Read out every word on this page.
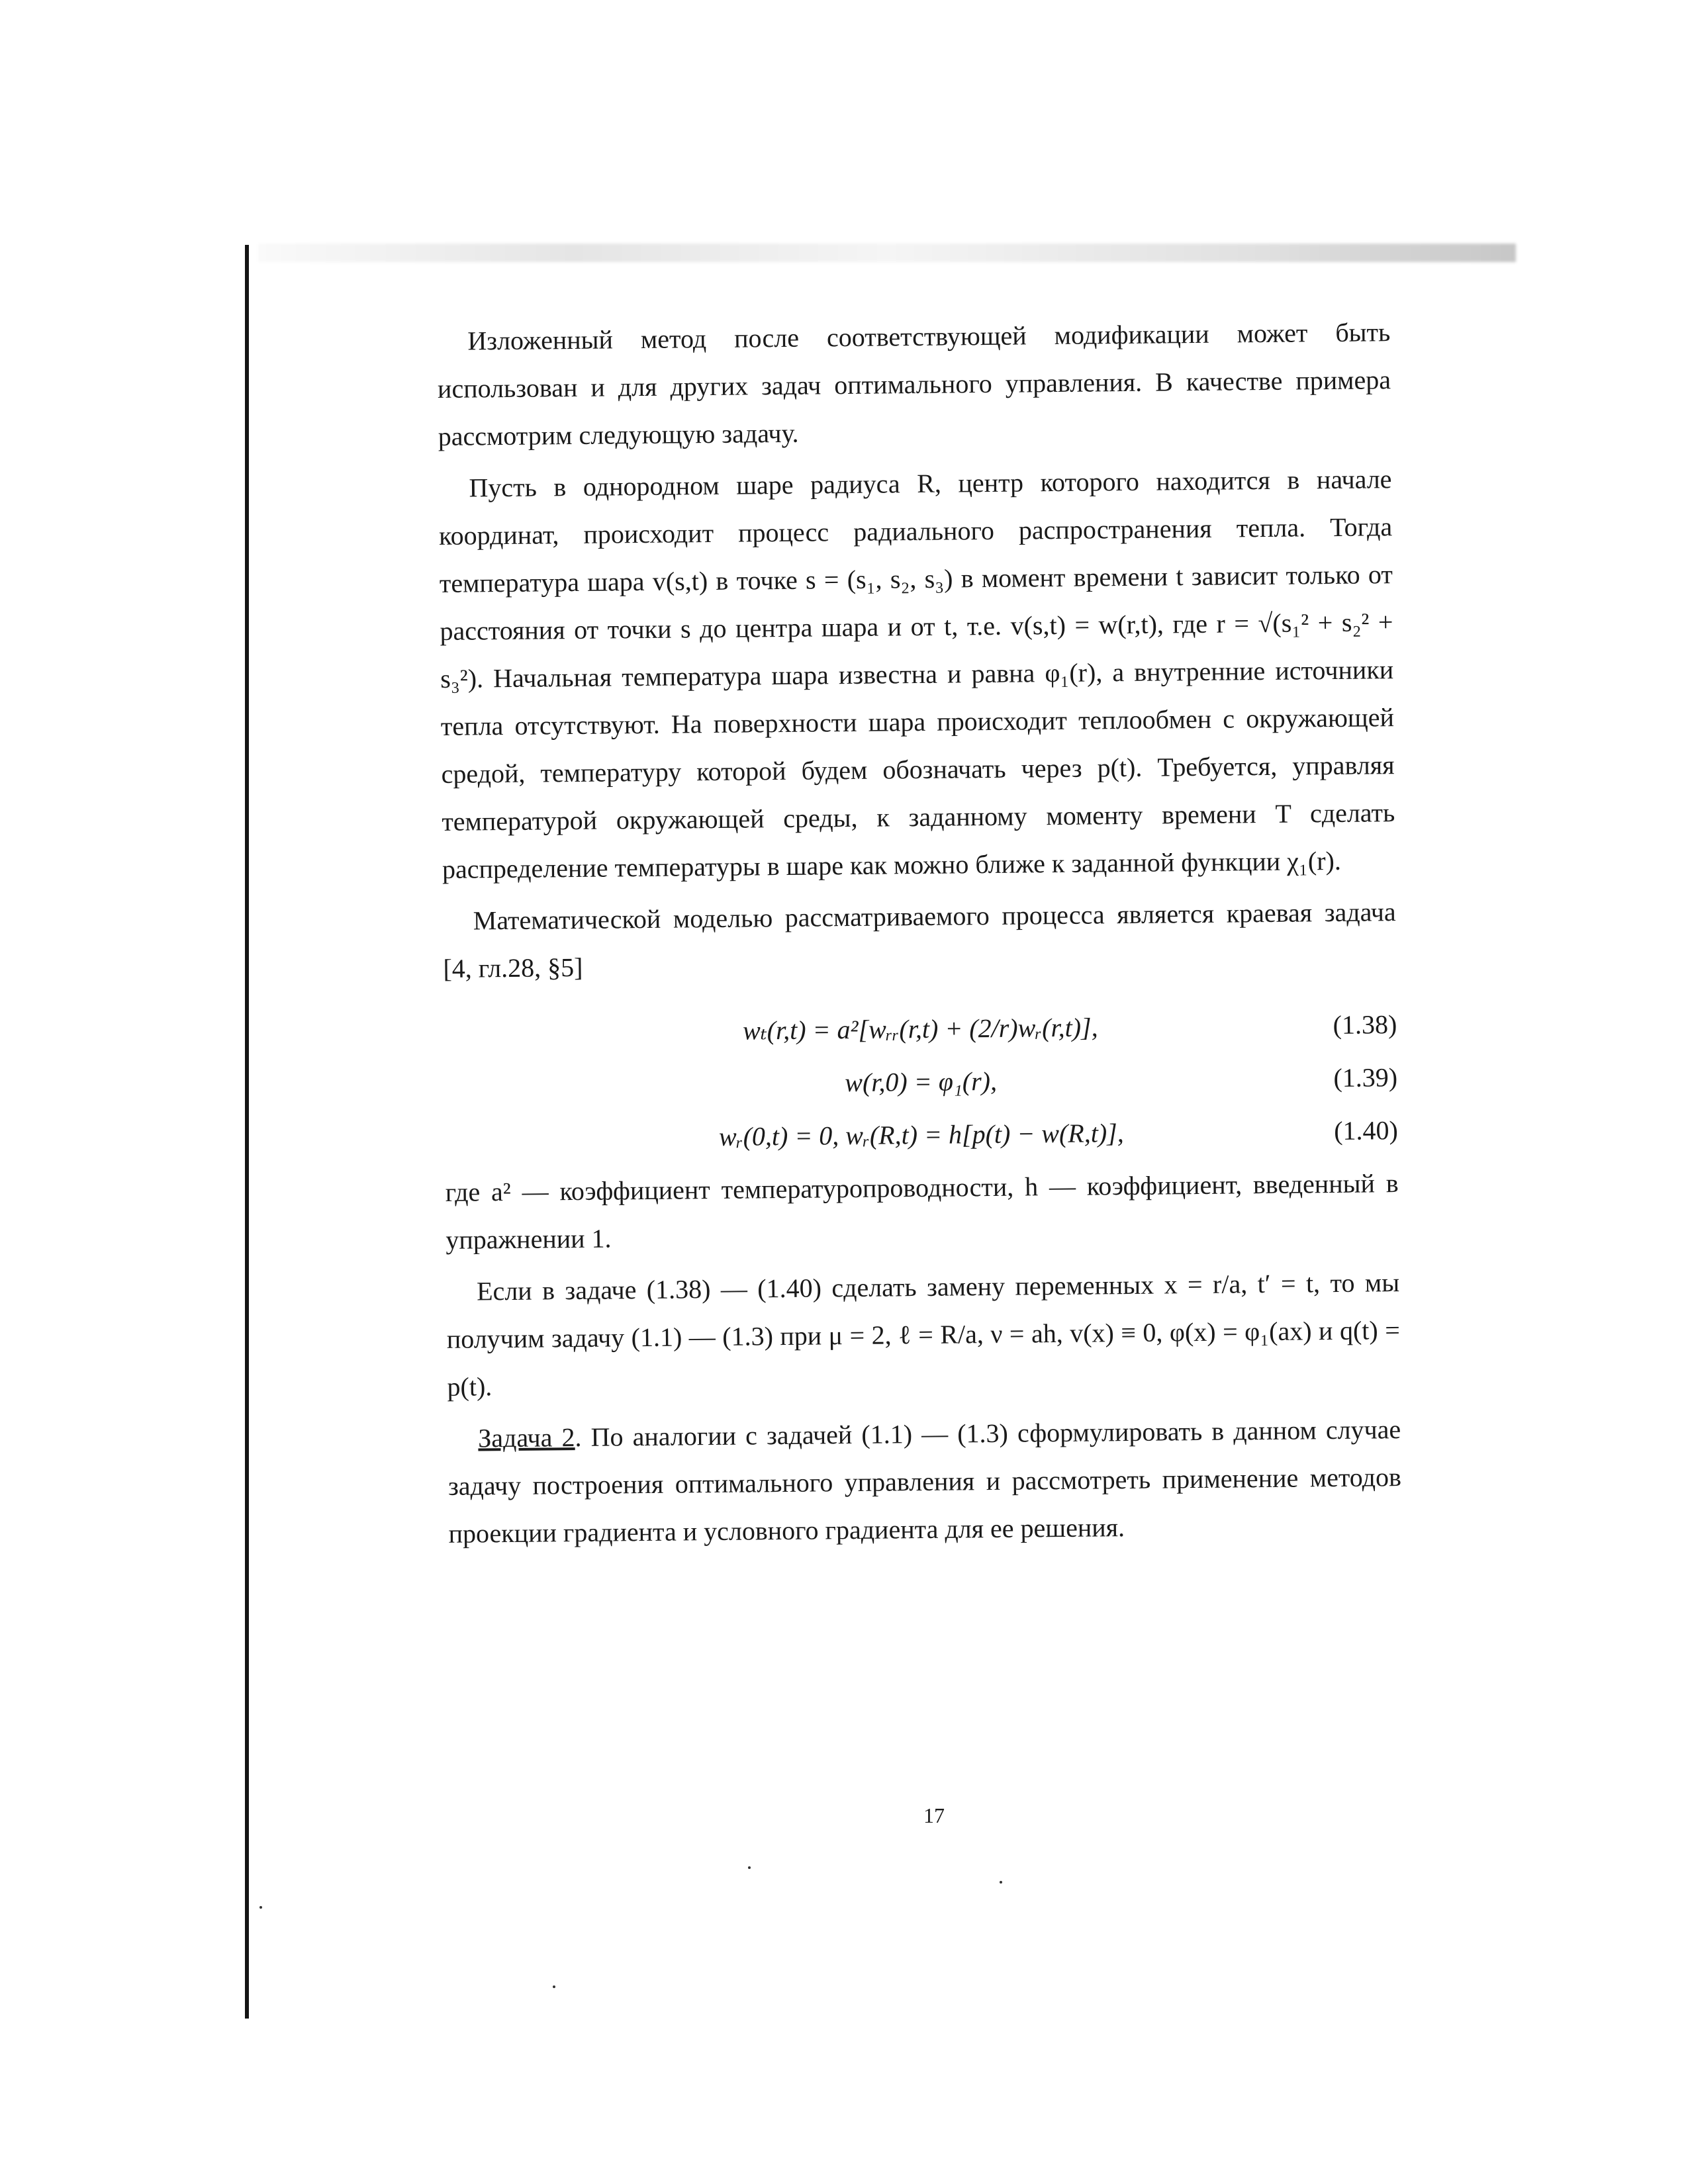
Изложенный метод после соответствующей модификации может быть использован и для других задач оптимального управления. В качестве примера рассмотрим следующую задачу.

Пусть в однородном шаре радиуса R, центр которого находится в начале координат, происходит процесс радиального распространения тепла. Тогда температура шара v(s,t) в точке s = (s₁, s₂, s₃) в момент времени t зависит только от расстояния от точки s до центра шара и от t, т.е. v(s,t) = w(r,t), где r = √(s₁² + s₂² + s₃²). Начальная температура шара известна и равна φ₁(r), а внутренние источники тепла отсутствуют. На поверхности шара происходит теплообмен с окружающей средой, температуру которой будем обозначать через p(t). Требуется, управляя температурой окружающей среды, к заданному моменту времени T сделать распределение температуры в шаре как можно ближе к заданной функции χ₁(r).

Математической моделью рассматриваемого процесса является краевая задача [4, гл.28, §5]

wₜ(r,t) = a²[wᵣᵣ(r,t) + (2/r)wᵣ(r,t)],	(1.38)
w(r,0) = φ₁(r),	(1.39)
wᵣ(0,t) = 0, wᵣ(R,t) = h[p(t) − w(R,t)],	(1.40)

где a² — коэффициент температуропроводности, h — коэффициент, введенный в упражнении 1.

Если в задаче (1.38) — (1.40) сделать замену переменных x = r/a, t′ = t, то мы получим задачу (1.1) — (1.3) при μ = 2, ℓ = R/a, ν = ah, v(x) ≡ 0, φ(x) = φ₁(ax) и q(t) = p(t).

Задача 2. По аналогии с задачей (1.1) — (1.3) сформулировать в данном случае задачу построения оптимального управления и рассмотреть применение методов проекции градиента и условного градиента для ее решения.

17
